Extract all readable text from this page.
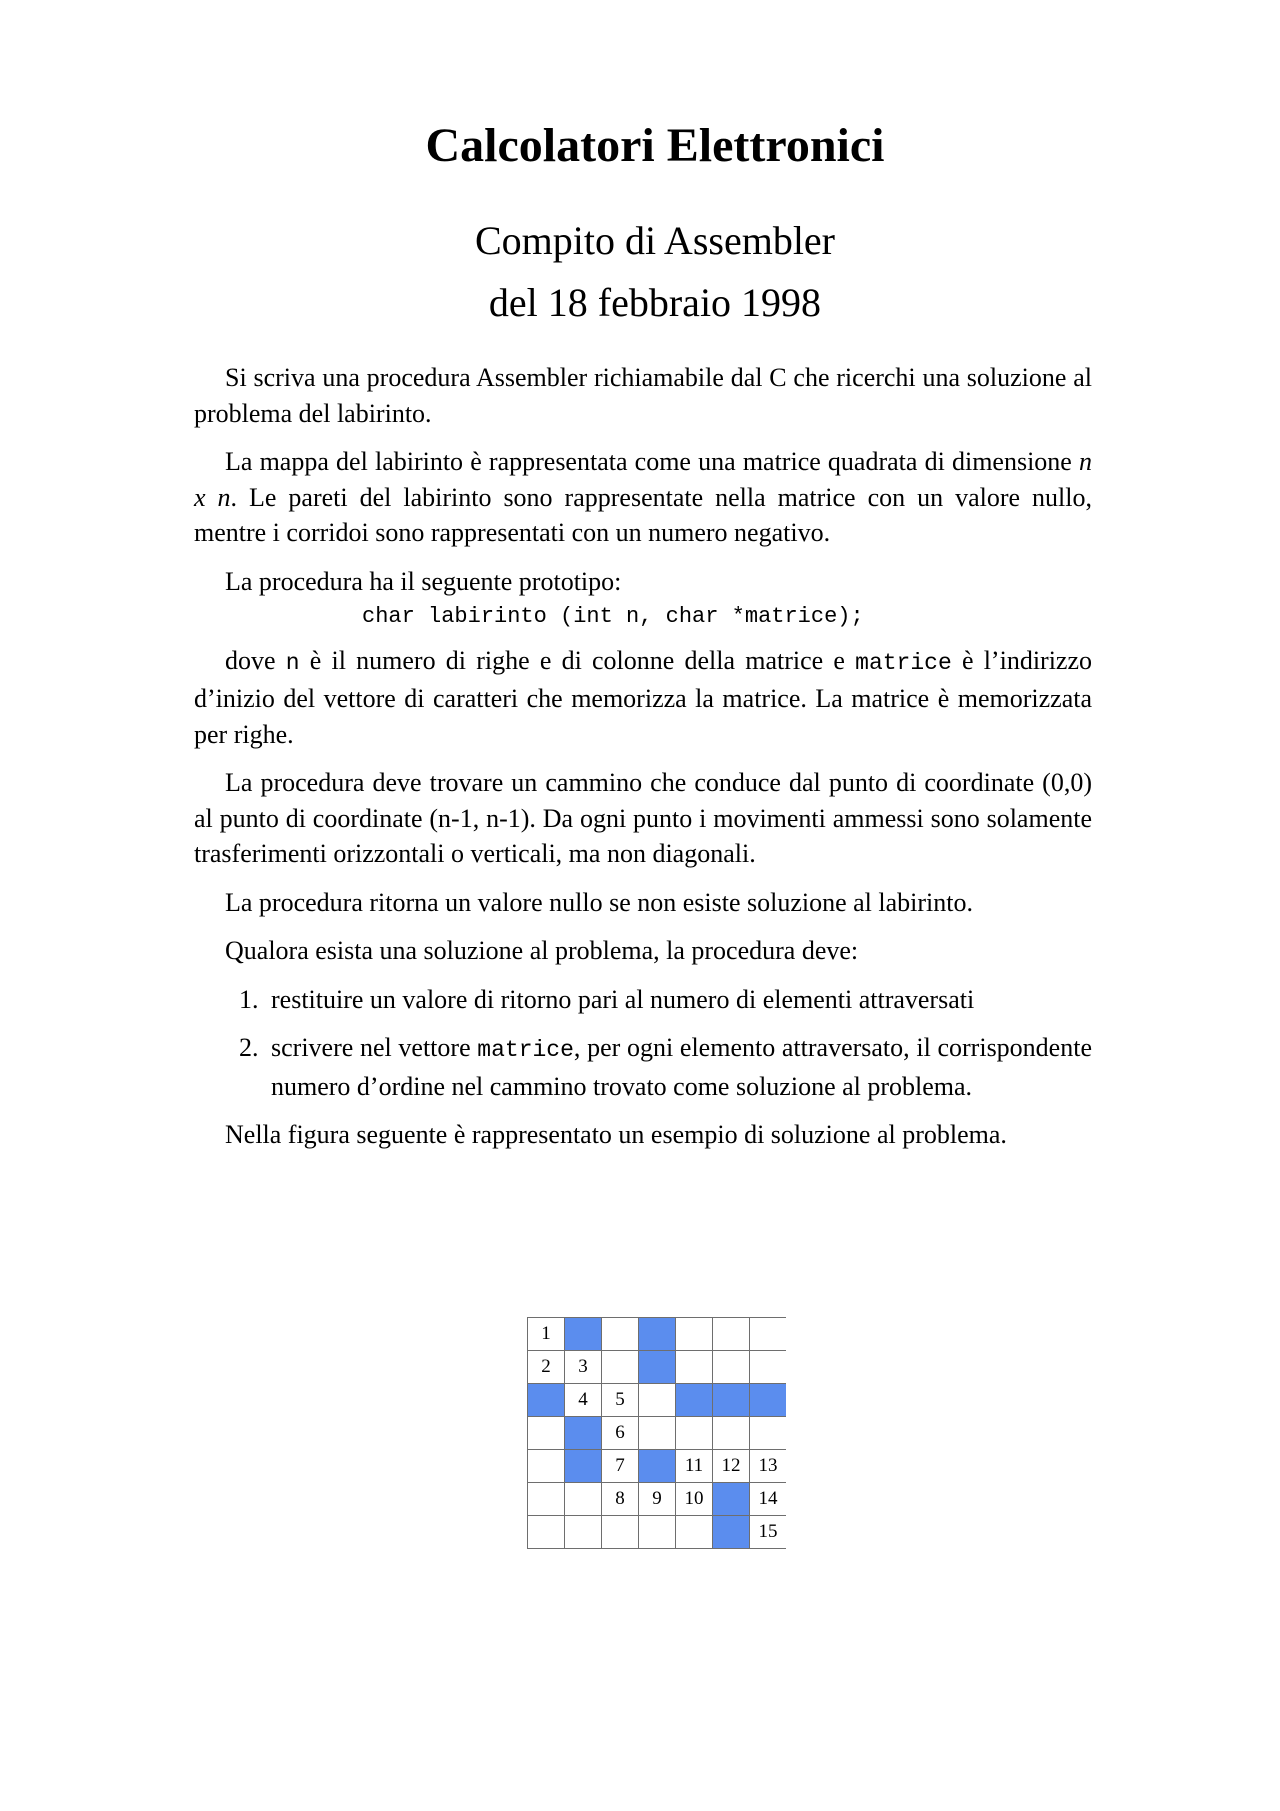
Calcolatori Elettronici
Compito di Assembler
del 18 febbraio 1998

Si scriva una procedura Assembler richiamabile dal C che ricerchi una soluzione al problema del labirinto.

La mappa del labirinto è rappresentata come una matrice quadrata di dimensione n x n. Le pareti del labirinto sono rappresentate nella matrice con un valore nullo, mentre i corridoi sono rappresentati con un numero negativo.

La procedura ha il seguente prototipo:

char labirinto (int n, char *matrice);

dove n è il numero di righe e di colonne della matrice e matrice è l’indirizzo d’inizio del vettore di caratteri che memorizza la matrice. La matrice è memorizzata per righe.

La procedura deve trovare un cammino che conduce dal punto di coordinate (0,0) al punto di coordinate (n-1, n-1). Da ogni punto i movimenti ammessi sono solamente trasferimenti orizzontali o verticali, ma non diagonali.

La procedura ritorna un valore nullo se non esiste soluzione al labirinto.

Qualora esista una soluzione al problema, la procedura deve:

1. restituire un valore di ritorno pari al numero di elementi attraversati
2. scrivere nel vettore matrice, per ogni elemento attraversato, il corrispondente numero d’ordine nel cammino trovato come soluzione al problema.

Nella figura seguente è rappresentato un esempio di soluzione al problema.

1						
2	3					
	4	5				
		6				
		7		11	12	13
		8	9	10		14
						15
